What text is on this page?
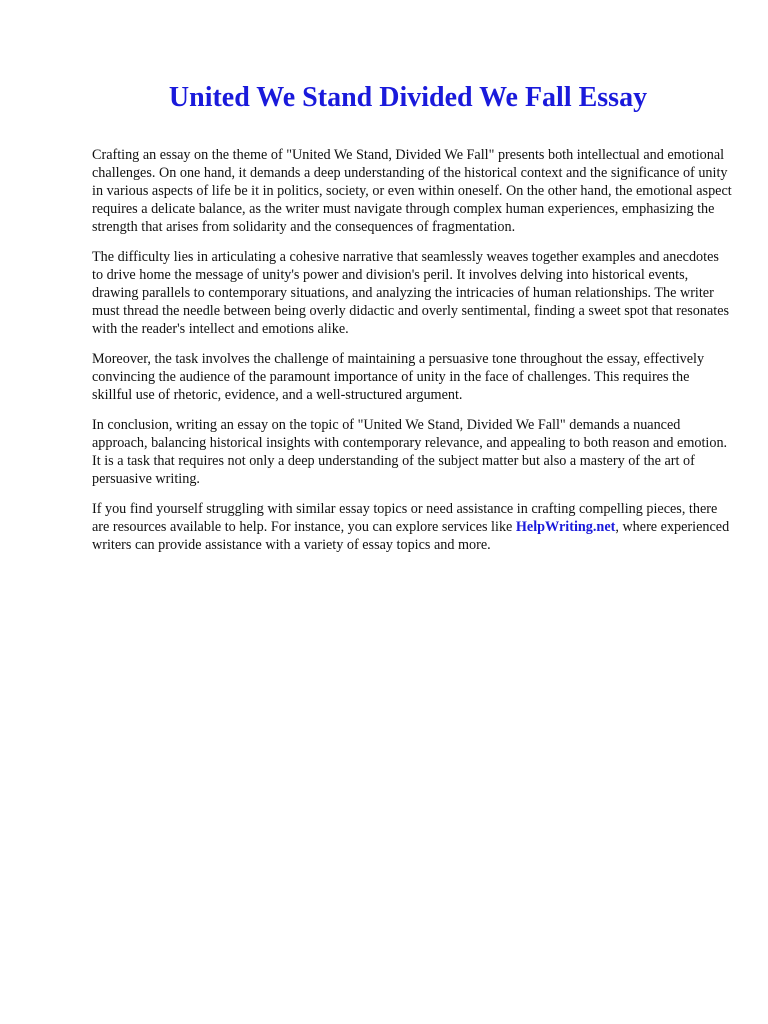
United We Stand Divided We Fall Essay

Crafting an essay on the theme of "United We Stand, Divided We Fall" presents both intellectual and emotional challenges. On one hand, it demands a deep understanding of the historical context and the significance of unity in various aspects of life be it in politics, society, or even within oneself. On the other hand, the emotional aspect requires a delicate balance, as the writer must navigate through complex human experiences, emphasizing the strength that arises from solidarity and the consequences of fragmentation.

The difficulty lies in articulating a cohesive narrative that seamlessly weaves together examples and anecdotes to drive home the message of unity's power and division's peril. It involves delving into historical events, drawing parallels to contemporary situations, and analyzing the intricacies of human relationships. The writer must thread the needle between being overly didactic and overly sentimental, finding a sweet spot that resonates with the reader's intellect and emotions alike.

Moreover, the task involves the challenge of maintaining a persuasive tone throughout the essay, effectively convincing the audience of the paramount importance of unity in the face of challenges. This requires the skillful use of rhetoric, evidence, and a well-structured argument.

In conclusion, writing an essay on the topic of "United We Stand, Divided We Fall" demands a nuanced approach, balancing historical insights with contemporary relevance, and appealing to both reason and emotion. It is a task that requires not only a deep understanding of the subject matter but also a mastery of the art of persuasive writing.

If you find yourself struggling with similar essay topics or need assistance in crafting compelling pieces, there are resources available to help. For instance, you can explore services like HelpWriting.net, where experienced writers can provide assistance with a variety of essay topics and more.
